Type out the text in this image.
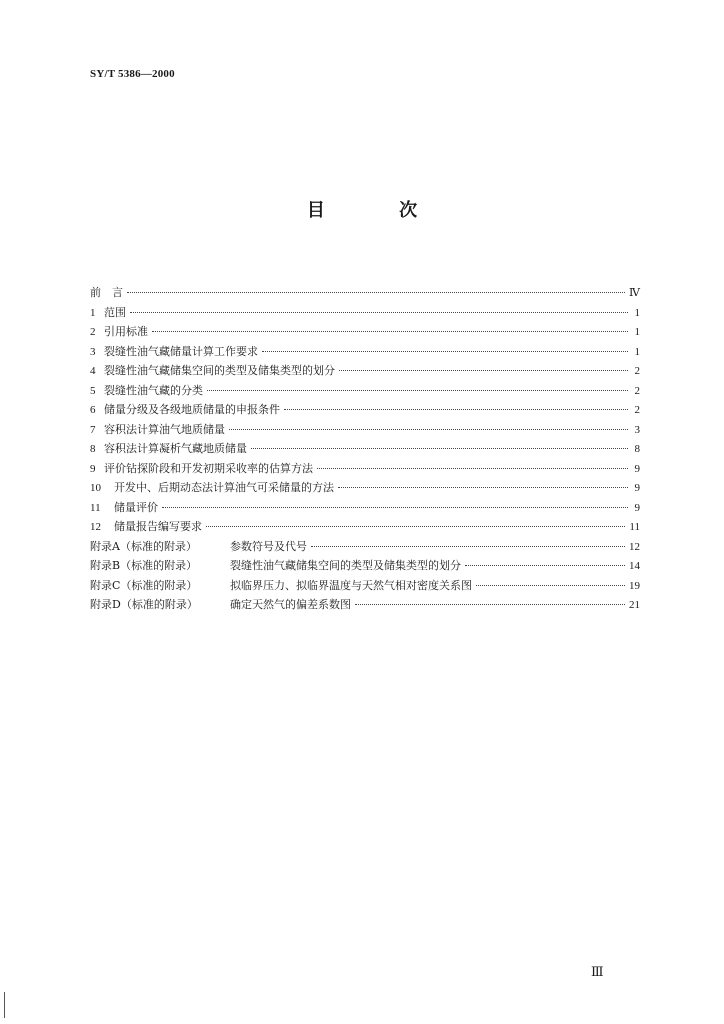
SY/T 5386—2000
目 次
前　言	Ⅳ
1 范围	1
2 引用标准	1
3 裂缝性油气藏储量计算工作要求	1
4 裂缝性油气藏储集空间的类型及储集类型的划分	2
5 裂缝性油气藏的分类	2
6 储量分级及各级地质储量的申报条件	2
7 容积法计算油气地质储量	3
8 容积法计算凝析气藏地质储量	8
9 评价钻探阶段和开发初期采收率的估算方法	9
10	开发中、后期动态法计算油气可采储量的方法	9
11	储量评价	9
12	储量报告编写要求	11
附录A（标准的附录）	参数符号及代号	12
附录B（标准的附录）	裂缝性油气藏储集空间的类型及储集类型的划分	14
附录C（标准的附录）	拟临界压力、拟临界温度与天然气相对密度关系图	19
附录D（标准的附录）	确定天然气的偏差系数图	21
Ⅲ
